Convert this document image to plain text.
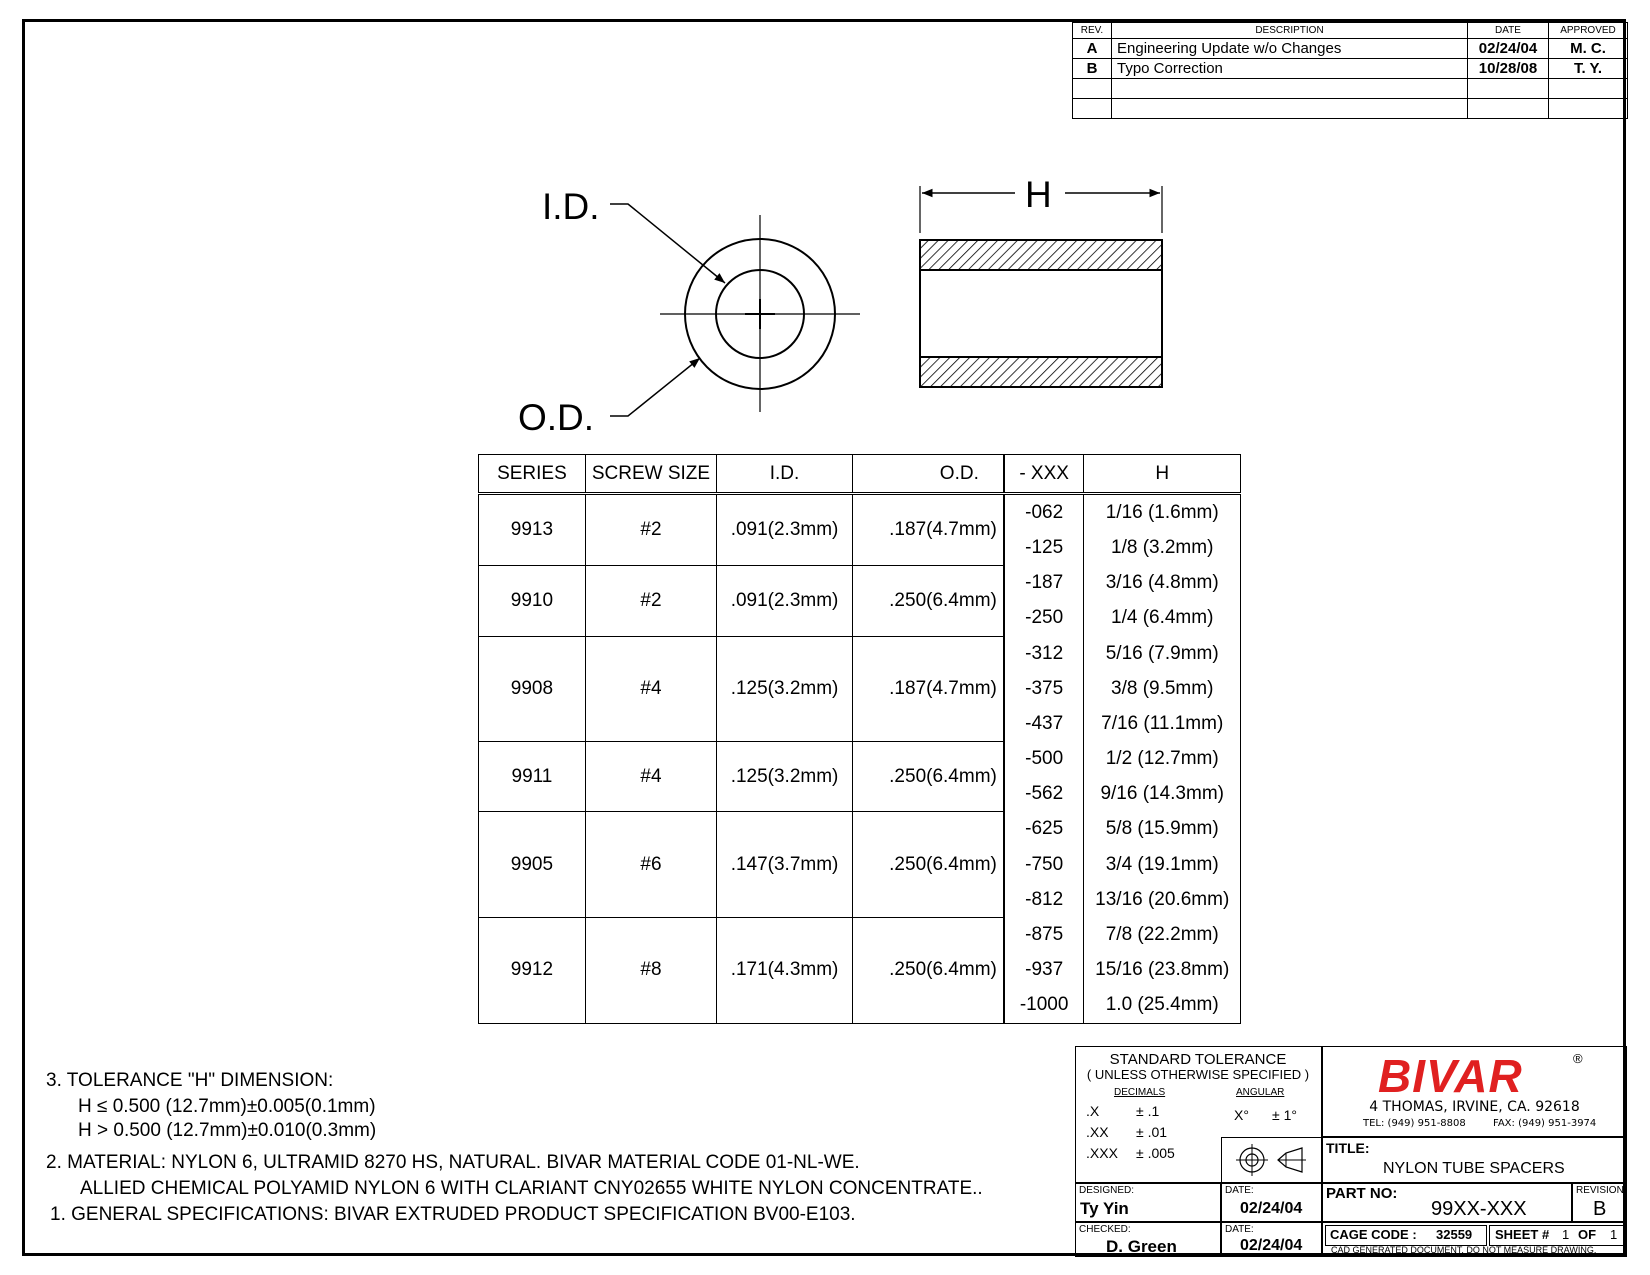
REV.	DESCRIPTION	DATE	APPROVED
A	Engineering Update w/o Changes	02/24/04	M. C.
B	Typo Correction	10/28/08	T. Y.

I.D.
O.D.
H
SERIES	SCREW SIZE	I.D.	O.D.	- XXX	H
9913	#2	.091(2.3mm)	.187(4.7mm)	-062	1/16 (1.6mm)
				-125	1/8 (3.2mm)
9910	#2	.091(2.3mm)	.250(6.4mm)	-187	3/16 (4.8mm)
				-250	1/4 (6.4mm)
9908	#4	.125(3.2mm)	.187(4.7mm)	-312	5/16 (7.9mm)
				-375	3/8 (9.5mm)
				-437	7/16 (11.1mm)
9911	#4	.125(3.2mm)	.250(6.4mm)	-500	1/2 (12.7mm)
				-562	9/16 (14.3mm)
9905	#6	.147(3.7mm)	.250(6.4mm)	-625	5/8 (15.9mm)
				-750	3/4 (19.1mm)
				-812	13/16 (20.6mm)
9912	#8	.171(4.3mm)	.250(6.4mm)	-875	7/8 (22.2mm)
				-937	15/16 (23.8mm)
				-1000	1.0 (25.4mm)
3. TOLERANCE "H" DIMENSION:
H ≤ 0.500 (12.7mm)±0.005(0.1mm)
H > 0.500 (12.7mm)±0.010(0.3mm)
2. MATERIAL: NYLON 6, ULTRAMID 8270 HS, NATURAL. BIVAR MATERIAL CODE 01-NL-WE.
ALLIED CHEMICAL POLYAMID NYLON 6 WITH CLARIANT CNY02655 WHITE NYLON CONCENTRATE..
1. GENERAL SPECIFICATIONS: BIVAR EXTRUDED PRODUCT SPECIFICATION BV00-E103.
STANDARD TOLERANCE
( UNLESS OTHERWISE SPECIFIED )
DECIMALS	ANGULAR
.X	± .1
.XX ± .01
.XXX ± .005
X° ± 1°
BIVAR	®
4 THOMAS, IRVINE, CA. 92618
TEL: (949) 951-8808	FAX: (949) 951-3974
TITLE:
NYLON TUBE SPACERS
DESIGNED:
Ty Yin
DATE:
02/24/04
PART NO:
99XX-XXX
REVISION:
B
CHECKED:
D. Green
DATE:
02/24/04
CAGE CODE : 32559 SHEET # 1 OF 1
CAD GENERATED DOCUMENT, DO NOT MEASURE DRAWING.
